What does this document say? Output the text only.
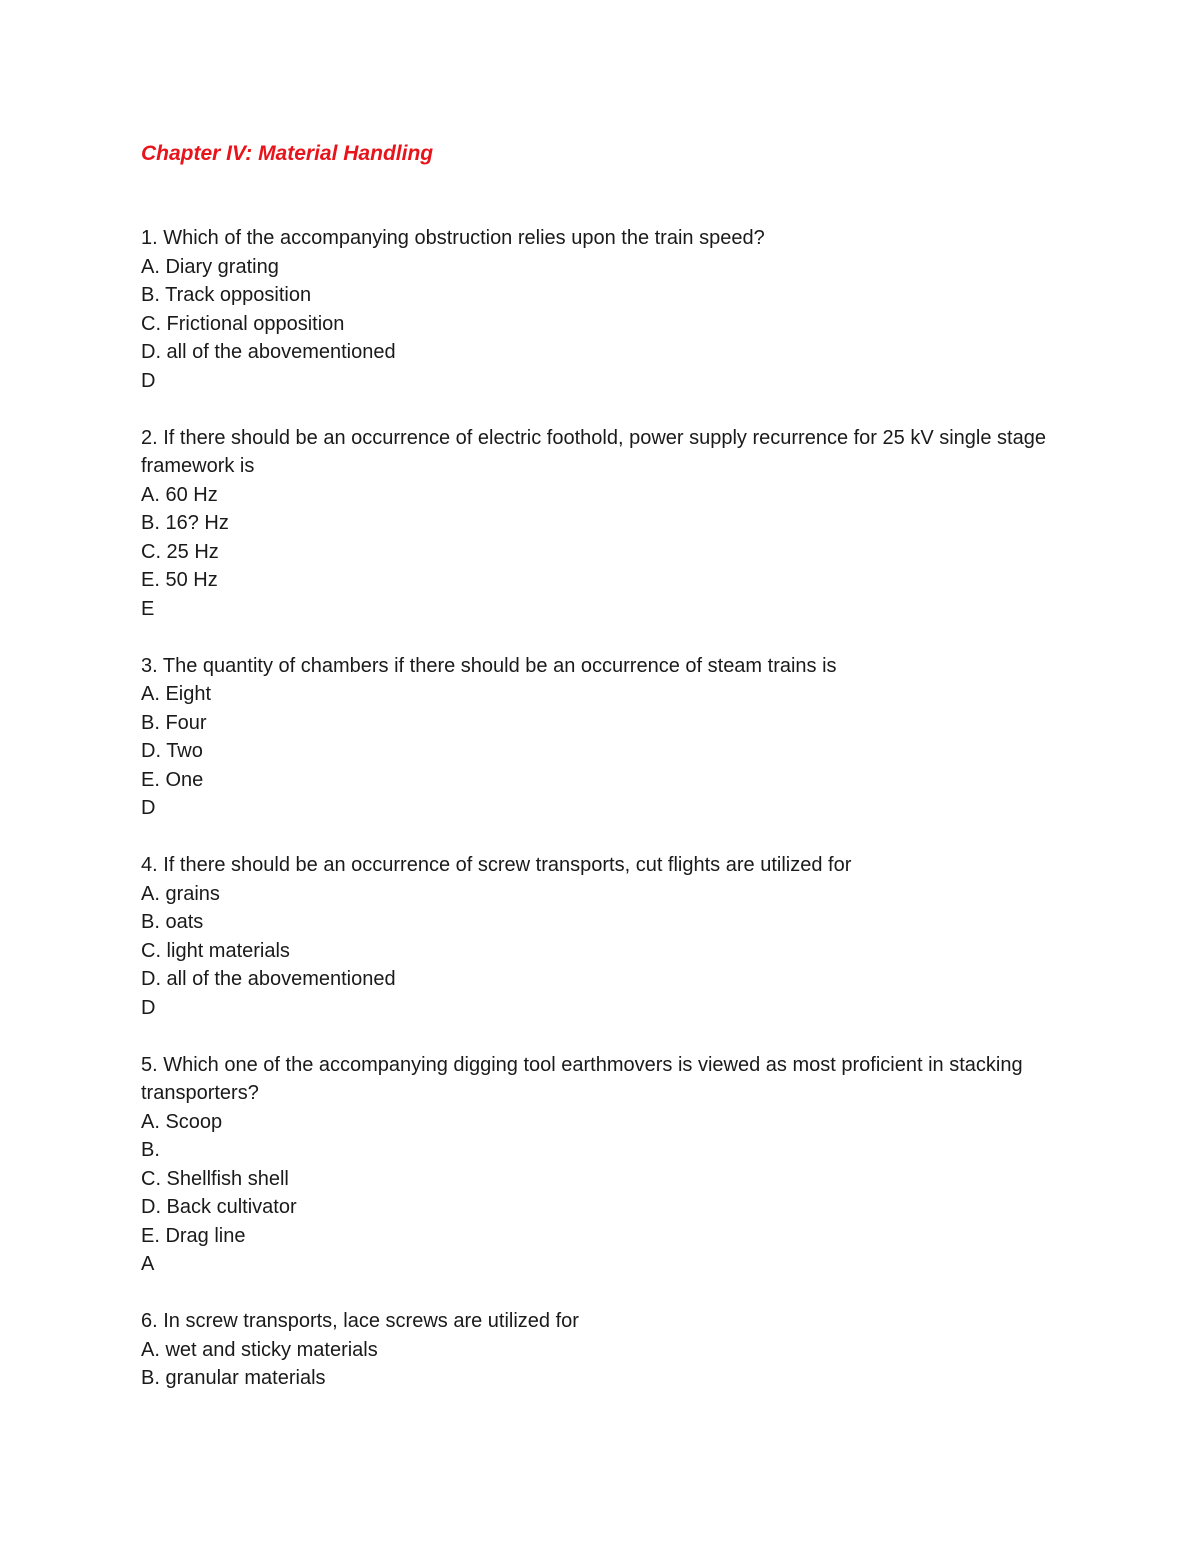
Chapter IV: Material Handling
1. Which of the accompanying obstruction relies upon the train speed?
A. Diary grating
B. Track opposition
C. Frictional opposition
D. all of the abovementioned
D
2. If there should be an occurrence of electric foothold, power supply recurrence for 25 kV single stage framework is
A. 60 Hz
B. 16? Hz
C. 25 Hz
E. 50 Hz
E
3. The quantity of chambers if there should be an occurrence of steam trains is
A. Eight
B. Four
D. Two
E. One
D
4. If there should be an occurrence of screw transports, cut flights are utilized for
A. grains
B. oats
C. light materials
D. all of the abovementioned
D
5. Which one of the accompanying digging tool earthmovers is viewed as most proficient in stacking transporters?
A. Scoop
B.
C. Shellfish shell
D. Back cultivator
E. Drag line
A
6. In screw transports, lace screws are utilized for
A. wet and sticky materials
B. granular materials
